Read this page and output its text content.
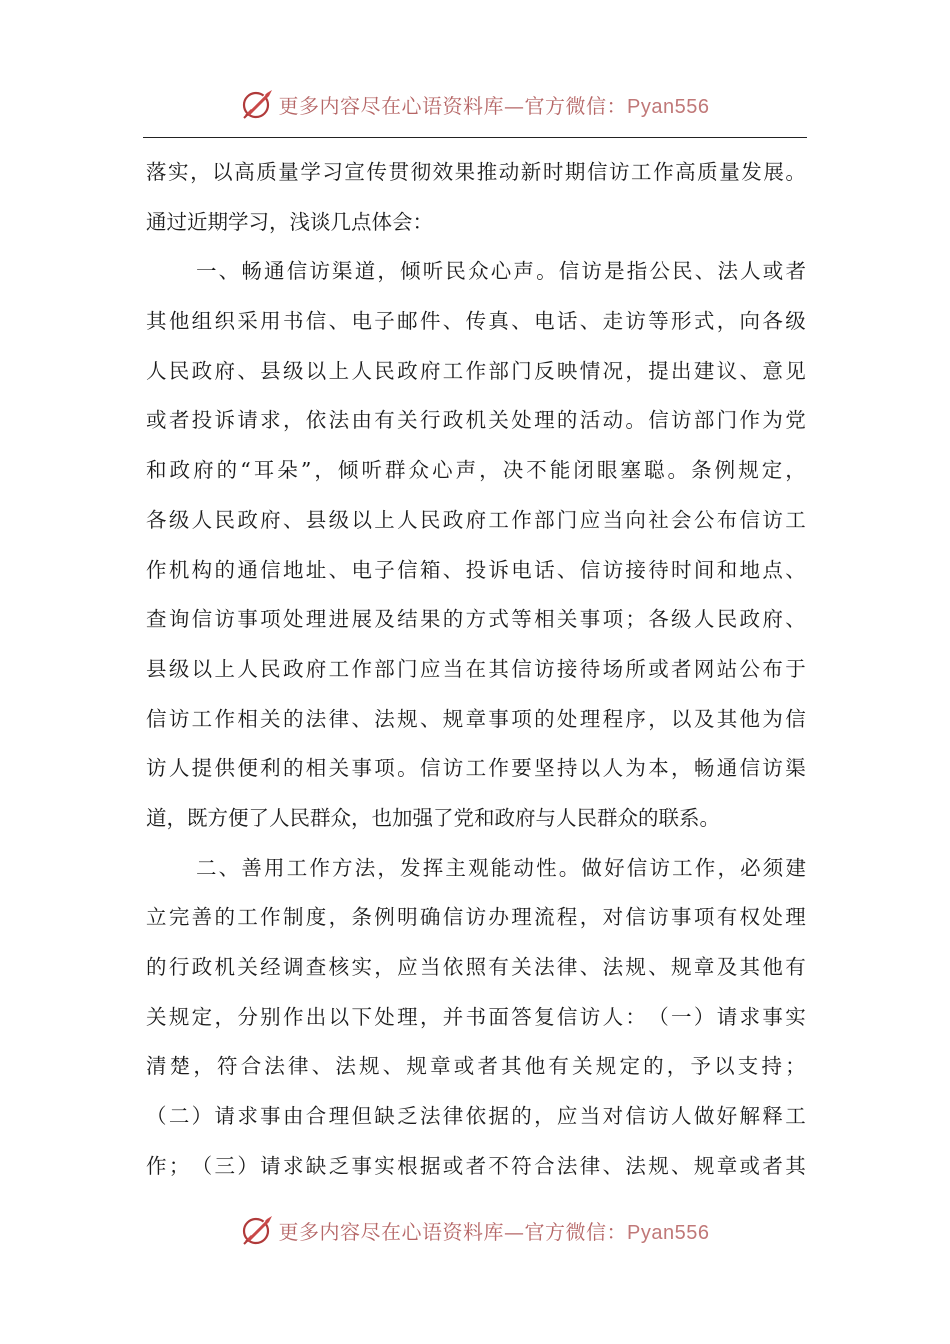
更多内容尽在心语资料库—官方微信：Pyan556
落 实 ， 以 高 质 量 学 习 宣 传 贯 彻 效 果 推 动 新 时 期 信 访 工 作 高 质 量 发 展 。
通过近期学习，浅谈几点体会：
一 、 畅 通 信 访 渠 道 ， 倾 听 民 众 心 声 。 信 访 是 指 公 民 、 法 人 或 者
其 他 组 织 采 用 书 信 、 电 子 邮 件 、 传 真 、 电 话 、 走 访 等 形 式 ， 向 各 级
人 民 政 府 、 县 级 以 上 人 民 政 府 工 作 部 门 反 映 情 况 ， 提 出 建 议 、 意 见
或 者 投 诉 请 求 ， 依 法 由 有 关 行 政 机 关 处 理 的 活 动 。 信 访 部 门 作 为 党
和 政 府 的 “ 耳 朵 ” ， 倾 听 群 众 心 声 ， 决 不 能 闭 眼 塞 聪 。 条 例 规 定 ，
各 级 人 民 政 府 、 县 级 以 上 人 民 政 府 工 作 部 门 应 当 向 社 会 公 布 信 访 工
作 机 构 的 通 信 地 址 、 电 子 信 箱 、 投 诉 电 话 、 信 访 接 待 时 间 和 地 点 、
查 询 信 访 事 项 处 理 进 展 及 结 果 的 方 式 等 相 关 事 项 ； 各 级 人 民 政 府 、
县 级 以 上 人 民 政 府 工 作 部 门 应 当 在 其 信 访 接 待 场 所 或 者 网 站 公 布 于
信 访 工 作 相 关 的 法 律 、 法 规 、 规 章 事 项 的 处 理 程 序 ， 以 及 其 他 为 信
访 人 提 供 便 利 的 相 关 事 项 。 信 访 工 作 要 坚 持 以 人 为 本 ， 畅 通 信 访 渠
道，既方便了人民群众，也加强了党和政府与人民群众的联系。
二 、 善 用 工 作 方 法 ， 发 挥 主 观 能 动 性 。 做 好 信 访 工 作 ， 必 须 建
立 完 善 的 工 作 制 度 ， 条 例 明 确 信 访 办 理 流 程 ， 对 信 访 事 项 有 权 处 理
的 行 政 机 关 经 调 查 核 实 ， 应 当 依 照 有 关 法 律 、 法 规 、 规 章 及 其 他 有
关 规 定 ， 分 别 作 出 以 下 处 理 ， 并 书 面 答 复 信 访 人 ： （ 一 ） 请 求 事 实
清 楚 ， 符 合 法 律 、 法 规 、 规 章 或 者 其 他 有 关 规 定 的 ， 予 以 支 持 ；
（ 二 ） 请 求 事 由 合 理 但 缺 乏 法 律 依 据 的 ， 应 当 对 信 访 人 做 好 解 释 工
作 ； （ 三 ） 请 求 缺 乏 事 实 根 据 或 者 不 符 合 法 律 、 法 规 、 规 章 或 者 其
更多内容尽在心语资料库—官方微信：Pyan556
